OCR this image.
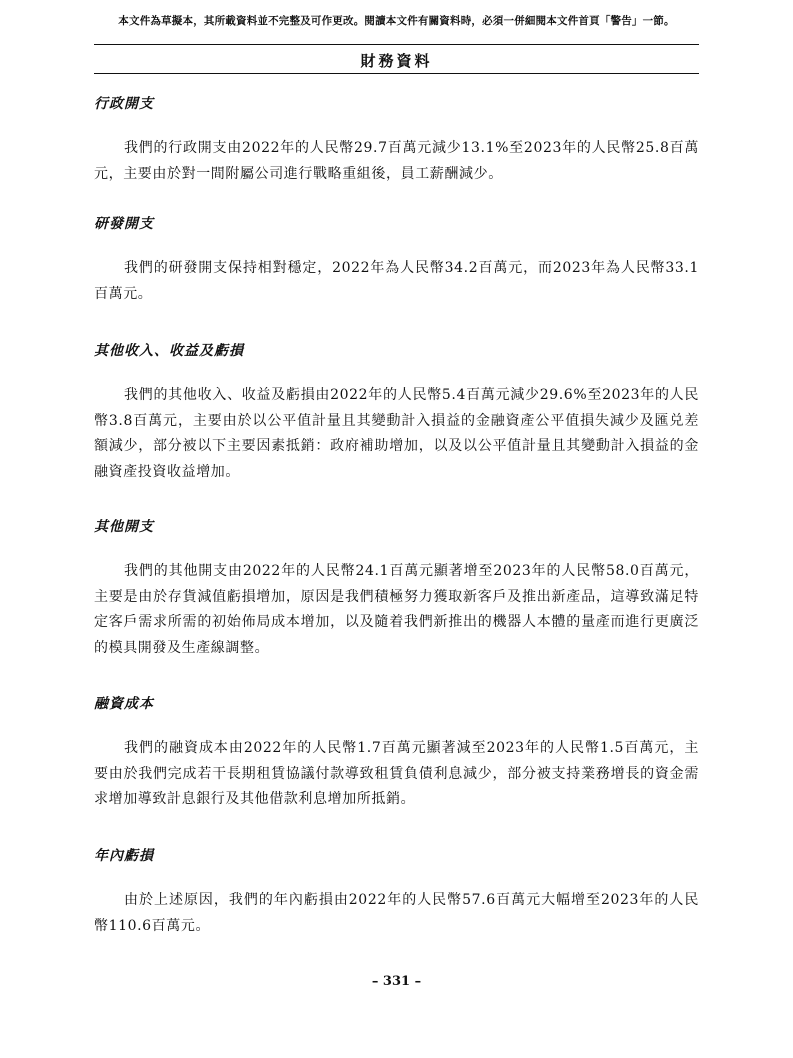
本文件為草擬本，其所載資料並不完整及可作更改。閱讀本文件有關資料時，必須一併細閱本文件首頁「警告」一節。
財務資料
行政開支

我們的行政開支由2022年的人民幣29.7百萬元減少13.1%至2023年的人民幣25.8百萬元，主要由於對一間附屬公司進行戰略重組後，員工薪酬減少。

研發開支

我們的研發開支保持相對穩定，2022年為人民幣34.2百萬元，而2023年為人民幣33.1百萬元。

其他收入、收益及虧損

我們的其他收入、收益及虧損由2022年的人民幣5.4百萬元減少29.6%至2023年的人民幣3.8百萬元，主要由於以公平值計量且其變動計入損益的金融資產公平值損失減少及匯兑差額減少，部分被以下主要因素抵銷：政府補助增加，以及以公平值計量且其變動計入損益的金融資產投資收益增加。

其他開支

我們的其他開支由2022年的人民幣24.1百萬元顯著增至2023年的人民幣58.0百萬元，主要是由於存貨減值虧損增加，原因是我們積極努力獲取新客戶及推出新產品，這導致滿足特定客戶需求所需的初始佈局成本增加，以及隨着我們新推出的機器人本體的量產而進行更廣泛的模具開發及生產線調整。

融資成本

我們的融資成本由2022年的人民幣1.7百萬元顯著減至2023年的人民幣1.5百萬元，主要由於我們完成若干長期租賃協議付款導致租賃負債利息減少，部分被支持業務增長的資金需求增加導致計息銀行及其他借款利息增加所抵銷。

年內虧損

由於上述原因，我們的年內虧損由2022年的人民幣57.6百萬元大幅增至2023年的人民幣110.6百萬元。

– 331 –
